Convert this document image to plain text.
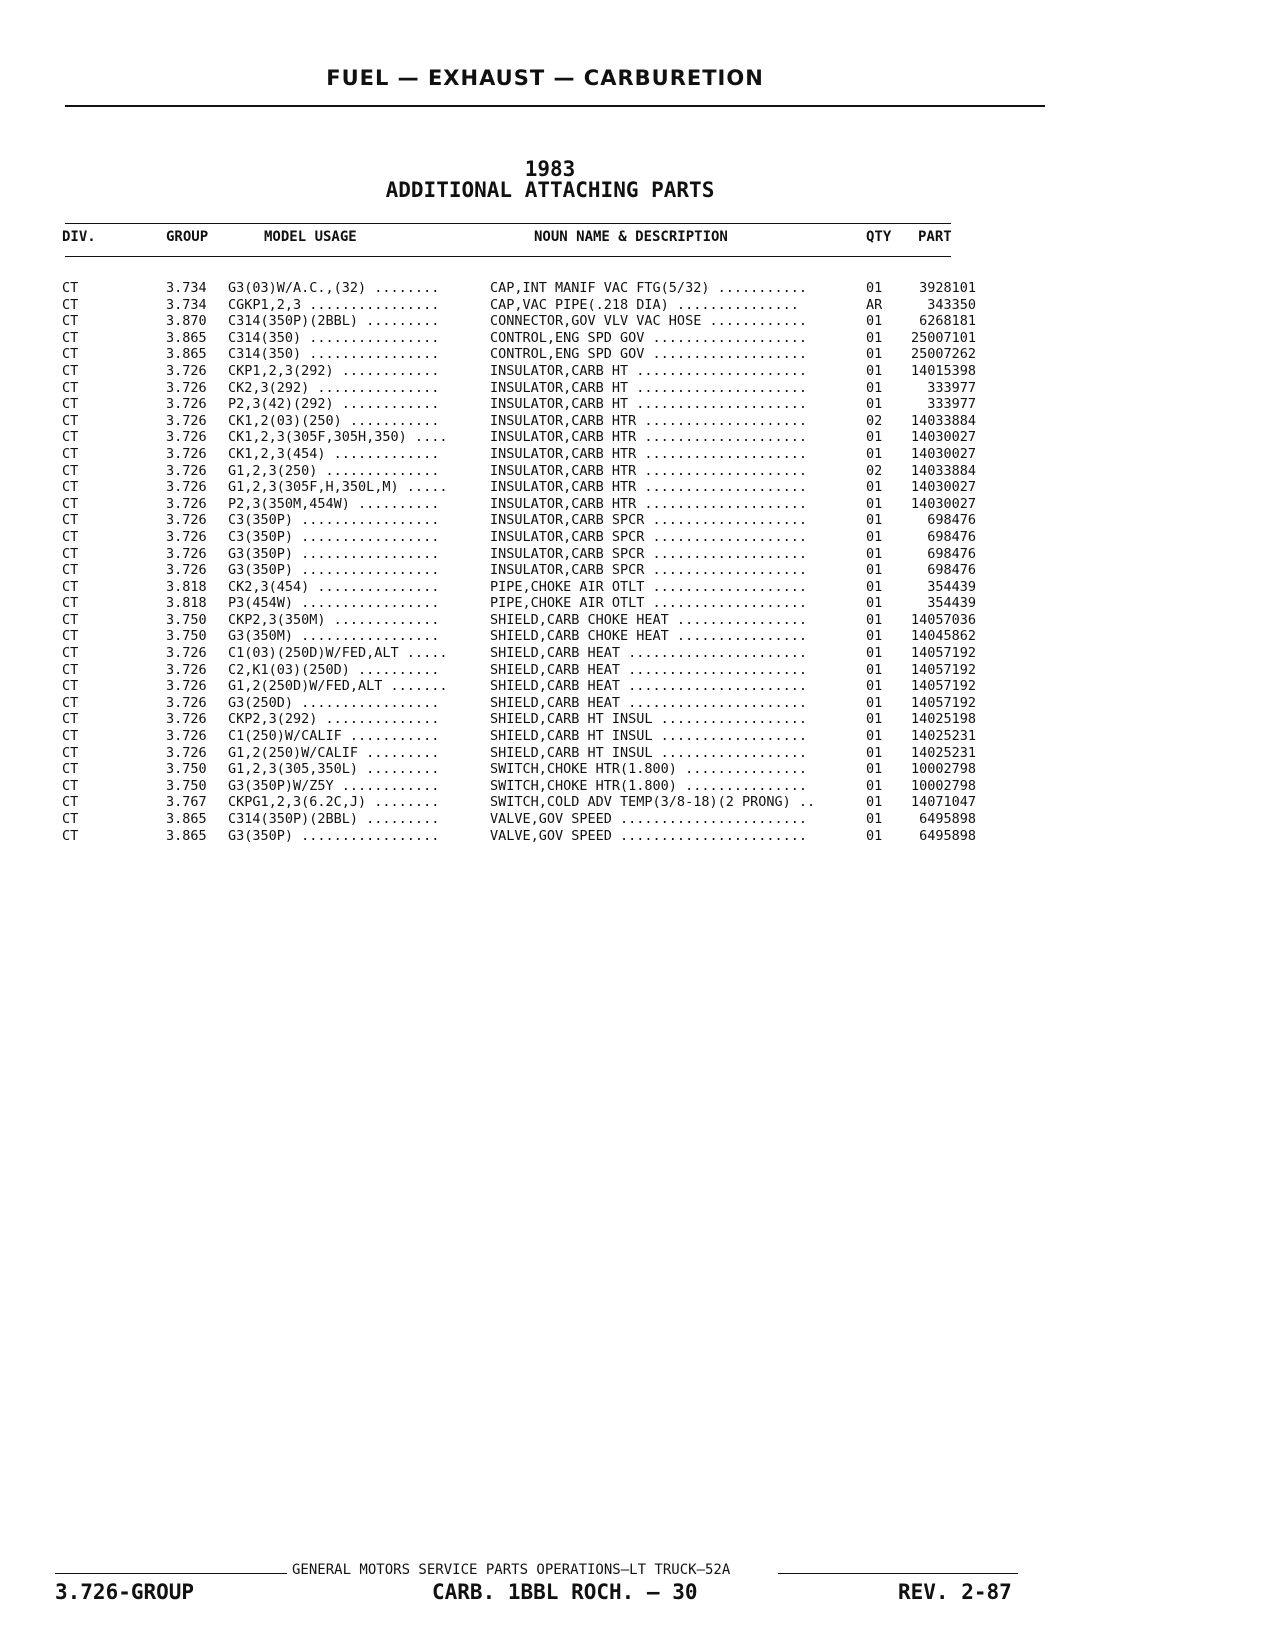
FUEL — EXHAUST — CARBURETION
1983
ADDITIONAL ATTACHING PARTS
DIV.	GROUP	MODEL USAGE	NOUN NAME & DESCRIPTION	QTY PART
CT	3.734 G3(03)W/A.C.,(32) ........	CAP,INT MANIF VAC FTG(5/32) ...........	01	3928101
CT	3.734 CGKP1,2,3 ................	CAP,VAC PIPE(.218 DIA) ...............	AR	343350
CT	3.870 C314(350P)(2BBL) .........	CONNECTOR,GOV VLV VAC HOSE ............	01	6268181
CT	3.865 C314(350) ................	CONTROL,ENG SPD GOV ...................	01	25007101
CT	3.865 C314(350) ................	CONTROL,ENG SPD GOV ...................	01	25007262
CT	3.726 CKP1,2,3(292) ............	INSULATOR,CARB HT .....................	01	14015398
CT	3.726 CK2,3(292) ...............	INSULATOR,CARB HT .....................	01	333977
CT	3.726 P2,3(42)(292) ............	INSULATOR,CARB HT .....................	01	333977
CT	3.726 CK1,2(03)(250) ...........	INSULATOR,CARB HTR ....................	02	14033884
CT	3.726 CK1,2,3(305F,305H,350) ....	INSULATOR,CARB HTR ....................	01	14030027
CT	3.726 CK1,2,3(454) .............	INSULATOR,CARB HTR ....................	01	14030027
CT	3.726 G1,2,3(250) ..............	INSULATOR,CARB HTR ....................	02	14033884
CT	3.726 G1,2,3(305F,H,350L,M) .....	INSULATOR,CARB HTR ....................	01	14030027
CT	3.726 P2,3(350M,454W) ..........	INSULATOR,CARB HTR ....................	01	14030027
CT	3.726 C3(350P) .................	INSULATOR,CARB SPCR ...................	01	698476
CT	3.726 C3(350P) .................	INSULATOR,CARB SPCR ...................	01	698476
CT	3.726 G3(350P) .................	INSULATOR,CARB SPCR ...................	01	698476
CT	3.726 G3(350P) .................	INSULATOR,CARB SPCR ...................	01	698476
CT	3.818 CK2,3(454) ...............	PIPE,CHOKE AIR OTLT ...................	01	354439
CT	3.818 P3(454W) .................	PIPE,CHOKE AIR OTLT ...................	01	354439
CT	3.750 CKP2,3(350M) .............	SHIELD,CARB CHOKE HEAT ................	01	14057036
CT	3.750 G3(350M) .................	SHIELD,CARB CHOKE HEAT ................	01	14045862
CT	3.726 C1(03)(250D)W/FED,ALT .....	SHIELD,CARB HEAT ......................	01	14057192
CT	3.726 C2,K1(03)(250D) ..........	SHIELD,CARB HEAT ......................	01	14057192
CT	3.726 G1,2(250D)W/FED,ALT .......	SHIELD,CARB HEAT ......................	01	14057192
CT	3.726 G3(250D) .................	SHIELD,CARB HEAT ......................	01	14057192
CT	3.726 CKP2,3(292) ..............	SHIELD,CARB HT INSUL ..................	01	14025198
CT	3.726 C1(250)W/CALIF ...........	SHIELD,CARB HT INSUL ..................	01	14025231
CT	3.726 G1,2(250)W/CALIF .........	SHIELD,CARB HT INSUL ..................	01	14025231
CT	3.750 G1,2,3(305,350L) .........	SWITCH,CHOKE HTR(1.800) ...............	01	10002798
CT	3.750 G3(350P)W/Z5Y ............	SWITCH,CHOKE HTR(1.800) ...............	01	10002798
CT	3.767 CKPG1,2,3(6.2C,J) ........	SWITCH,COLD ADV TEMP(3/8-18)(2 PRONG) ..	01	14071047
CT	3.865 C314(350P)(2BBL) .........	VALVE,GOV SPEED .......................	01	6495898
CT	3.865 G3(350P) .................	VALVE,GOV SPEED .......................	01	6495898
GENERAL MOTORS SERVICE PARTS OPERATIONS—LT TRUCK—52A
3.726-GROUP	CARB. 1BBL ROCH. — 30	REV. 2-87
